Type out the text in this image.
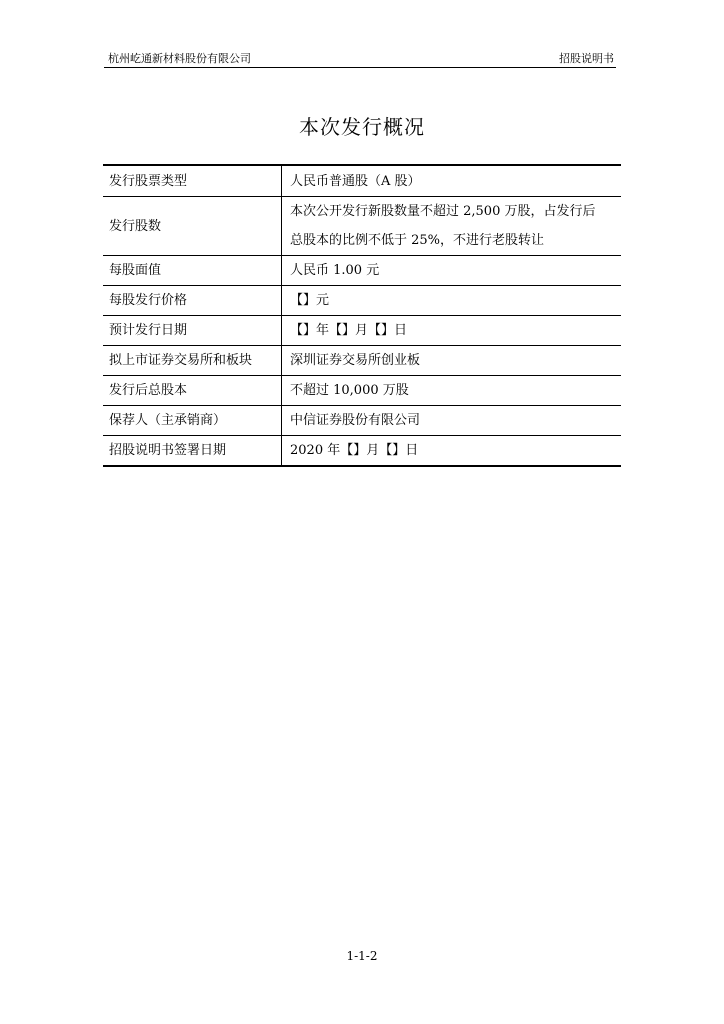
杭州屹通新材料股份有限公司	招股说明书
本次发行概况
发行股票类型	人民币普通股（A 股）
发行股数	本次公开发行新股数量不超过 2,500 万股，占发行后
总股本的比例不低于 25%，不进行老股转让

每股面值	人民币 1.00 元
每股发行价格	【】元
预计发行日期	【】年【】月【】日
拟上市证券交易所和板块	深圳证券交易所创业板
发行后总股本	不超过 10,000 万股
保荐人（主承销商）	中信证券股份有限公司
招股说明书签署日期	2020 年【】月【】日
1-1-2
